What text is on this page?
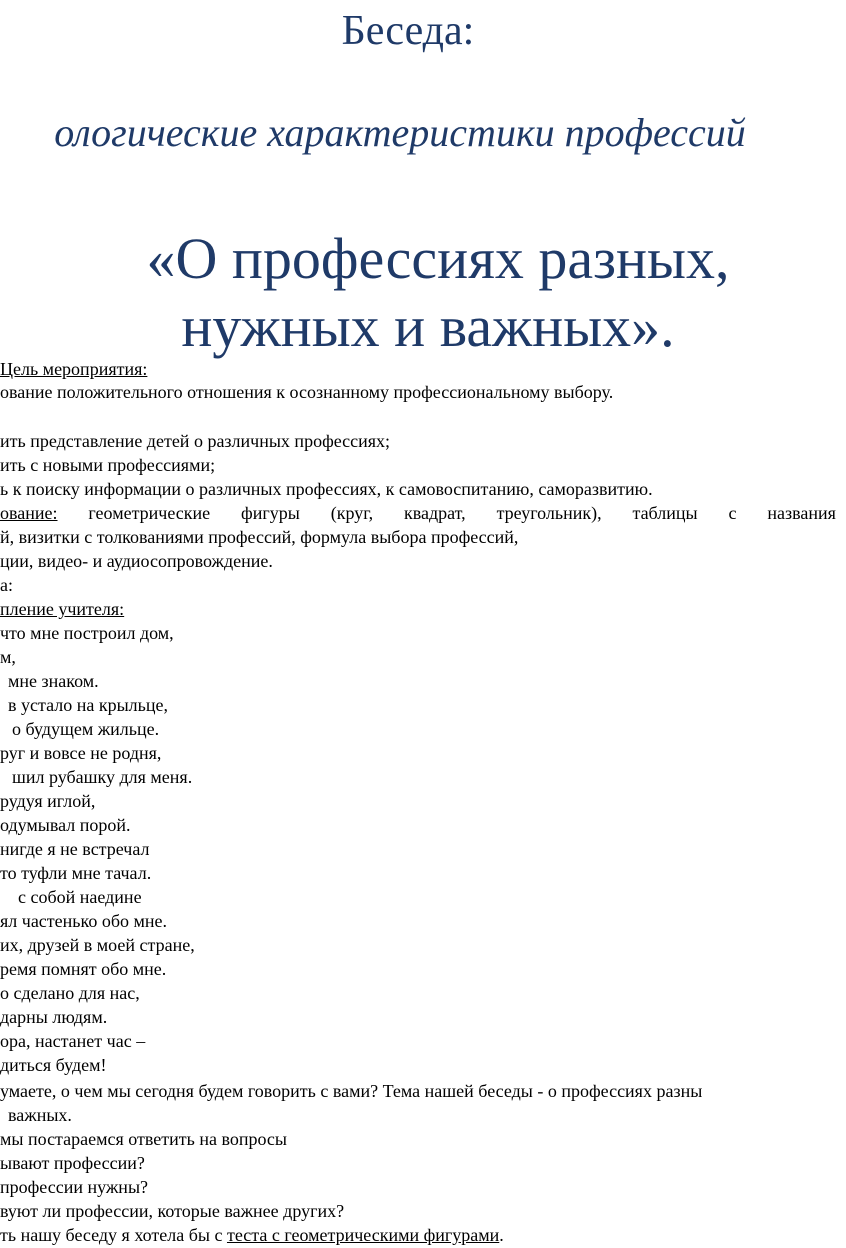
Беседа:
ологические характеристики профессий
«О профессиях разных,
нужных и важных».

Цель мероприятия:

ование положительного отношения к осознанному профессиональному выбору.

ить представление детей о различных профессиях;

ить с новыми профессиями;

ь к поиску информации о различных профессиях, к самовоспитанию, саморазвитию.

ование: геометрические фигуры (круг, квадрат, треугольник), таблицы с названия

й, визитки с толкованиями профессий, формула выбора профессий,

ции, видео- и аудиосопровождение.

а:

пление учителя:

что мне построил дом,

м,

мне знаком.

в устало на крыльце,

о будущем жильце.

руг и вовсе не родня,

шил рубашку для меня.

рудуя иглой,

одумывал порой.

нигде я не встречал

то туфли мне тачал.

с собой наедине

ял частенько обо мне.

их, друзей в моей стране,

ремя помнят обо мне.

о сделано для нас,

дарны людям.

ора, настанет час –

диться будем!

умаете, о чем мы сегодня будем говорить с вами? Тема нашей беседы - о профессиях разны

важных.

мы постараемся ответить на вопросы

ывают профессии?

профессии нужны?

вуют ли профессии, которые важнее других?

ть нашу беседу я хотела бы с теста с геометрическими фигурами.
